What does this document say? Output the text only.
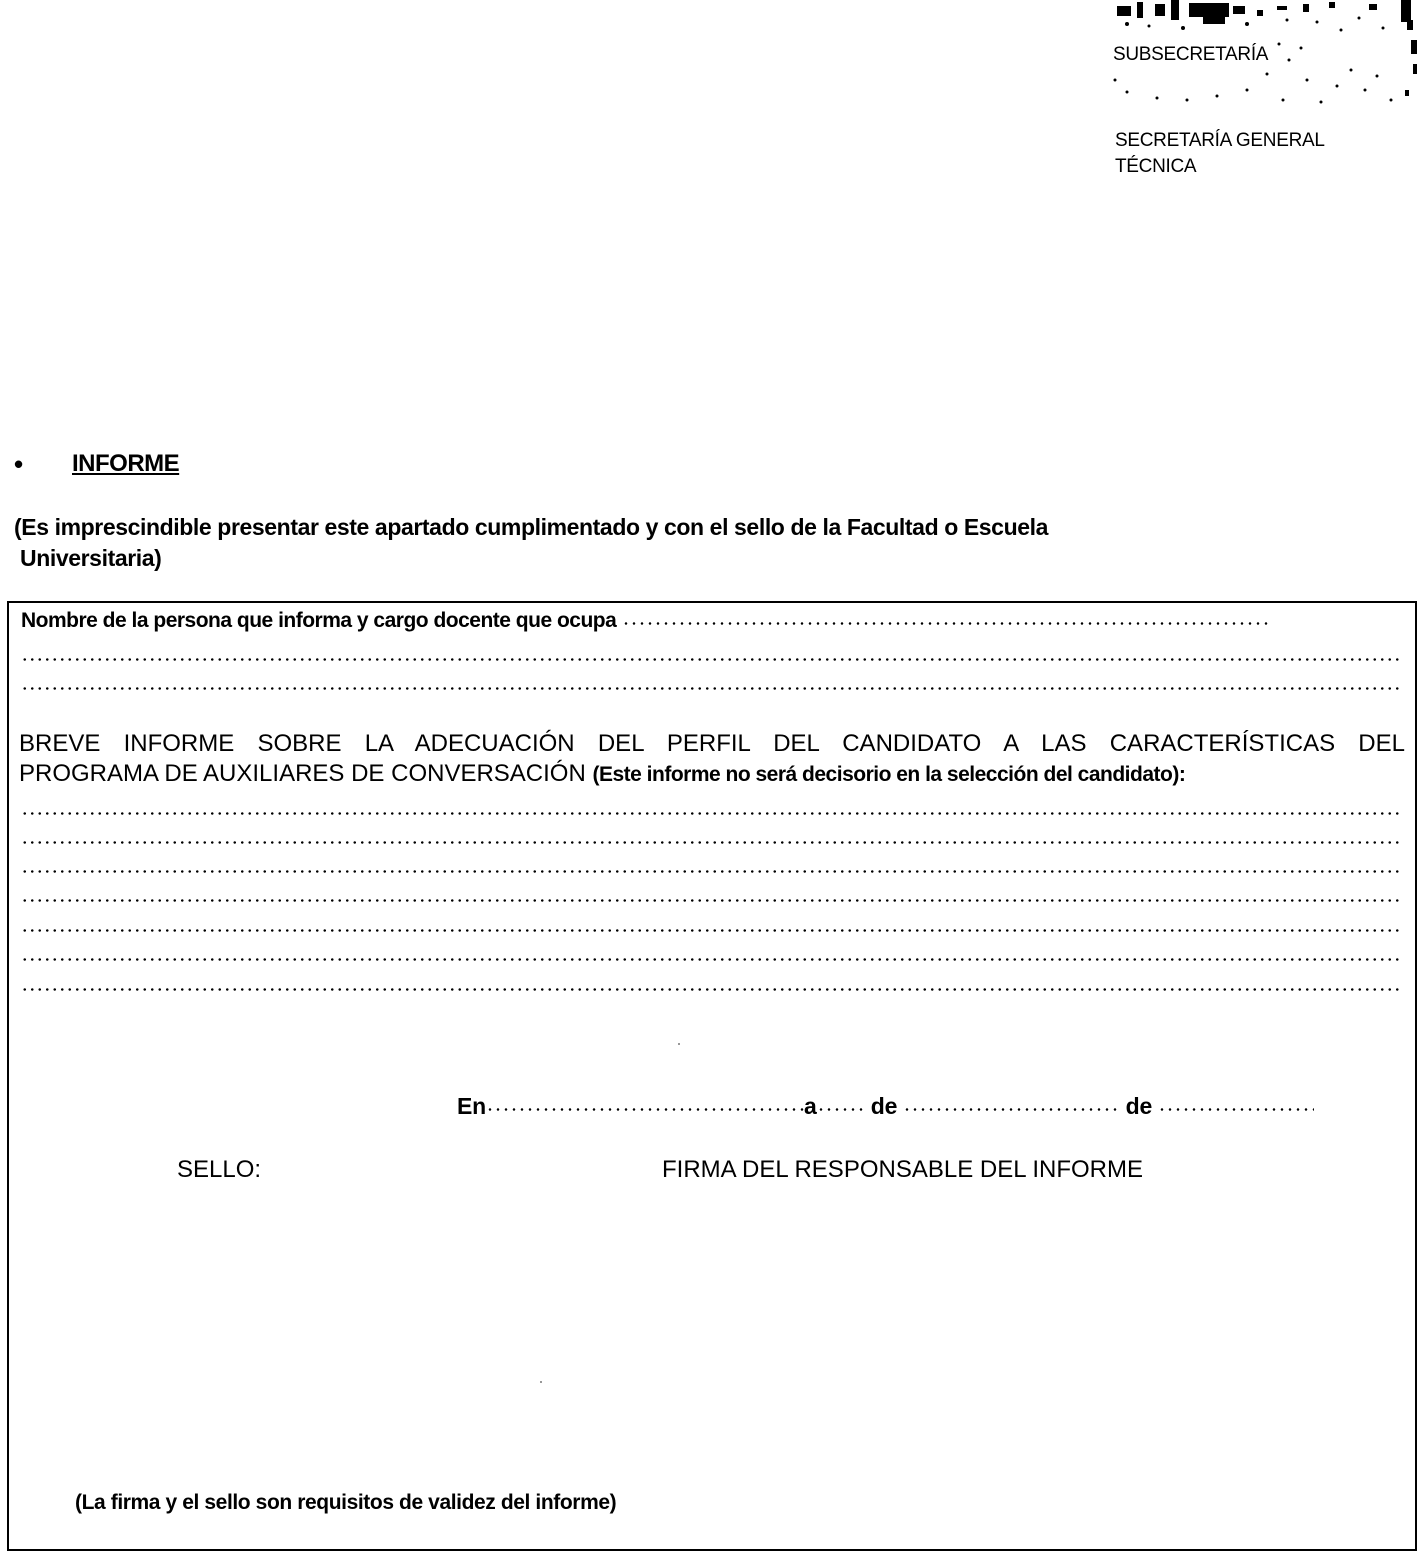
SUBSECRETARÍA
SECRETARÍA GENERAL
TÉCNICA
• INFORME
(Es imprescindible presentar este apartado cumplimentado y con el sello de la Facultad o Escuela
Universitaria)
Nombre de la persona que informa y cargo docente que ocupa
BREVE INFORME SOBRE LA ADECUACIÓN DEL PERFIL DEL CANDIDATO A LAS CARACTERÍSTICAS DEL
PROGRAMA DE AUXILIARES DE CONVERSACIÓN (Este informe no será decisorio en la selección del candidato):
En	a de	de
SELLO:	FIRMA DEL RESPONSABLE DEL INFORME
(La firma y el sello son requisitos de validez del informe)
